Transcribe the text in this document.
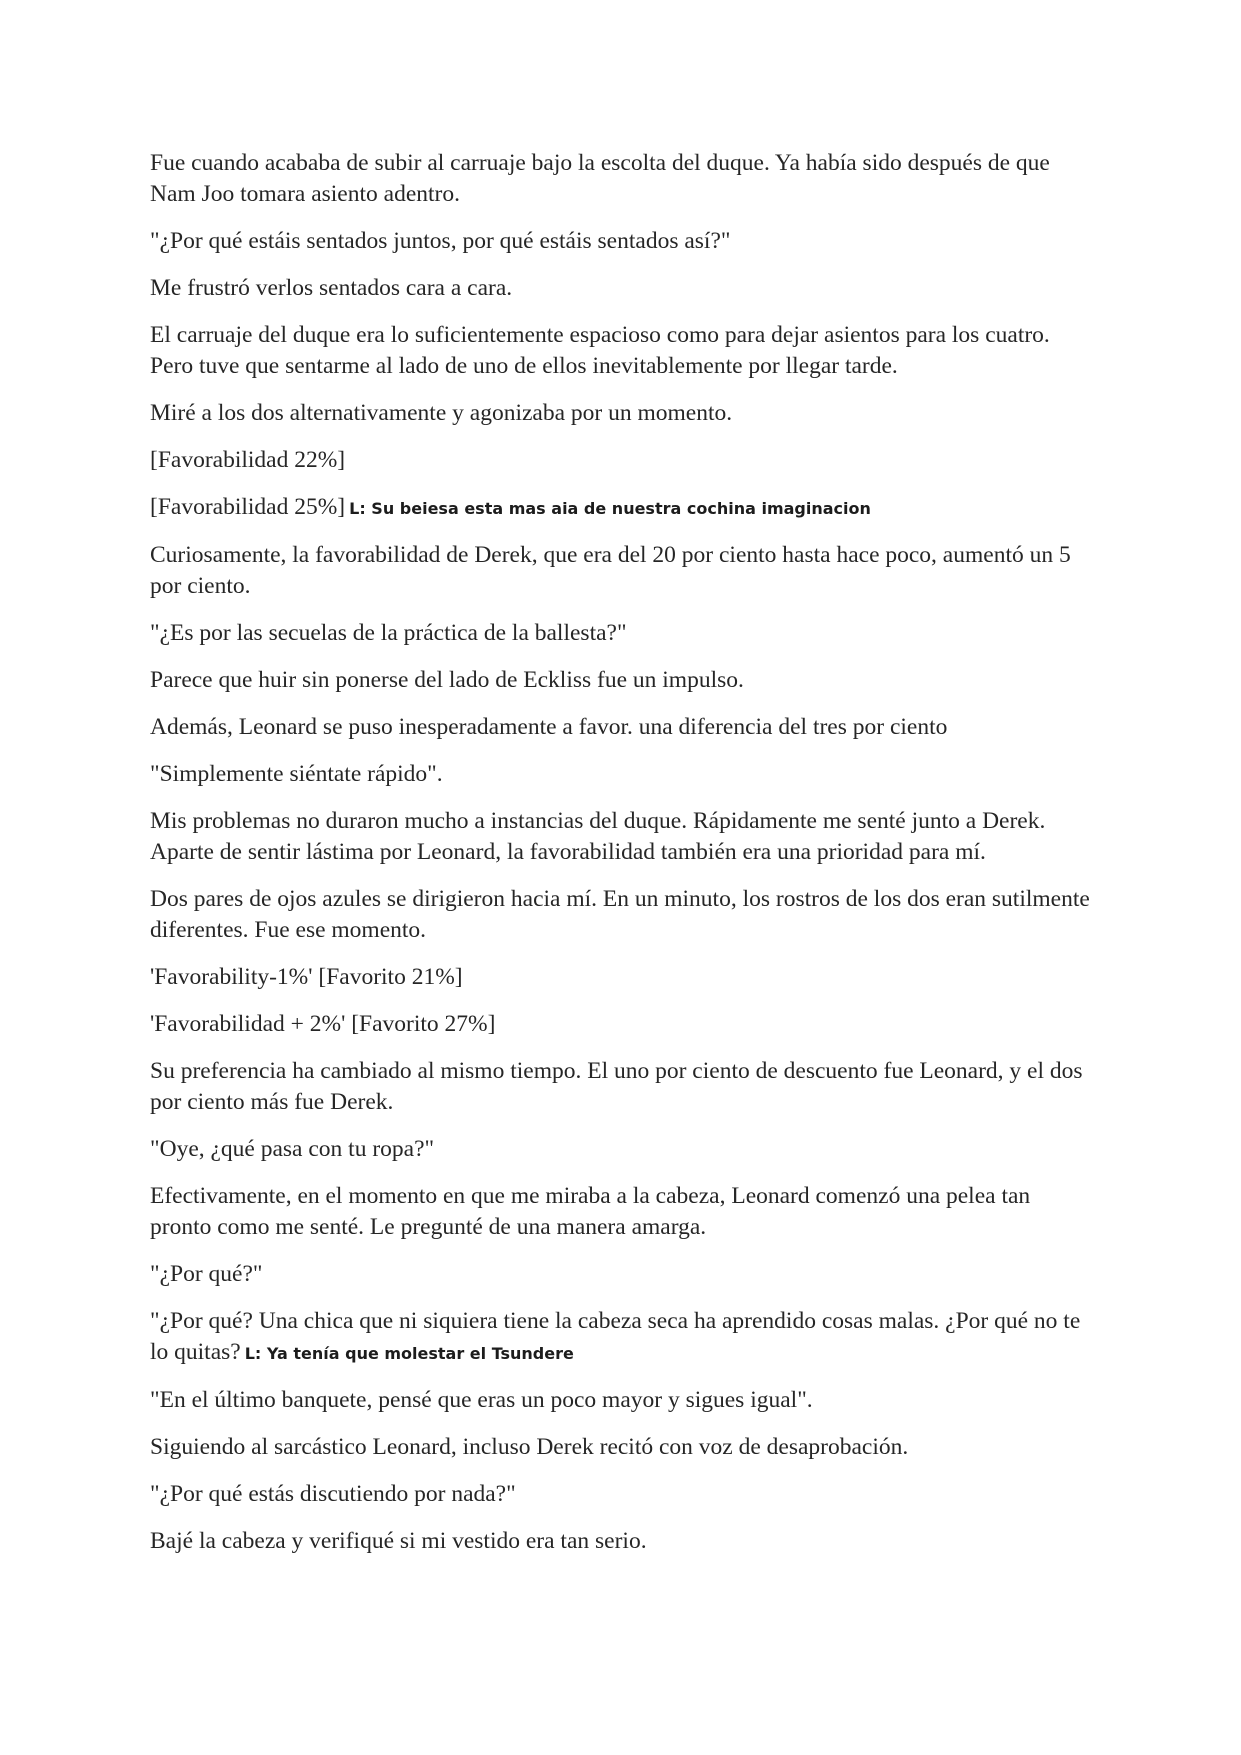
Fue cuando acababa de subir al carruaje bajo la escolta del duque. Ya había sido después de que Nam Joo tomara asiento adentro.

"¿Por qué estáis sentados juntos, por qué estáis sentados así?"

Me frustró verlos sentados cara a cara.

El carruaje del duque era lo suficientemente espacioso como para dejar asientos para los cuatro. Pero tuve que sentarme al lado de uno de ellos inevitablemente por llegar tarde.

Miré a los dos alternativamente y agonizaba por un momento.

[Favorabilidad 22%]

[Favorabilidad 25%] L: Su beiesa esta mas aia de nuestra cochina imaginacion

Curiosamente, la favorabilidad de Derek, que era del 20 por ciento hasta hace poco, aumentó un 5 por ciento.

"¿Es por las secuelas de la práctica de la ballesta?"

Parece que huir sin ponerse del lado de Eckliss fue un impulso.

Además, Leonard se puso inesperadamente a favor. una diferencia del tres por ciento

"Simplemente siéntate rápido".

Mis problemas no duraron mucho a instancias del duque. Rápidamente me senté junto a Derek. Aparte de sentir lástima por Leonard, la favorabilidad también era una prioridad para mí.

Dos pares de ojos azules se dirigieron hacia mí. En un minuto, los rostros de los dos eran sutilmente diferentes. Fue ese momento.

'Favorability-1%' [Favorito 21%]

'Favorabilidad + 2%' [Favorito 27%]

Su preferencia ha cambiado al mismo tiempo. El uno por ciento de descuento fue Leonard, y el dos por ciento más fue Derek.

"Oye, ¿qué pasa con tu ropa?"

Efectivamente, en el momento en que me miraba a la cabeza, Leonard comenzó una pelea tan pronto como me senté. Le pregunté de una manera amarga.

"¿Por qué?"

"¿Por qué? Una chica que ni siquiera tiene la cabeza seca ha aprendido cosas malas. ¿Por qué no te lo quitas? L: Ya tenía que molestar el Tsundere

"En el último banquete, pensé que eras un poco mayor y sigues igual".

Siguiendo al sarcástico Leonard, incluso Derek recitó con voz de desaprobación.

"¿Por qué estás discutiendo por nada?"

Bajé la cabeza y verifiqué si mi vestido era tan serio.
